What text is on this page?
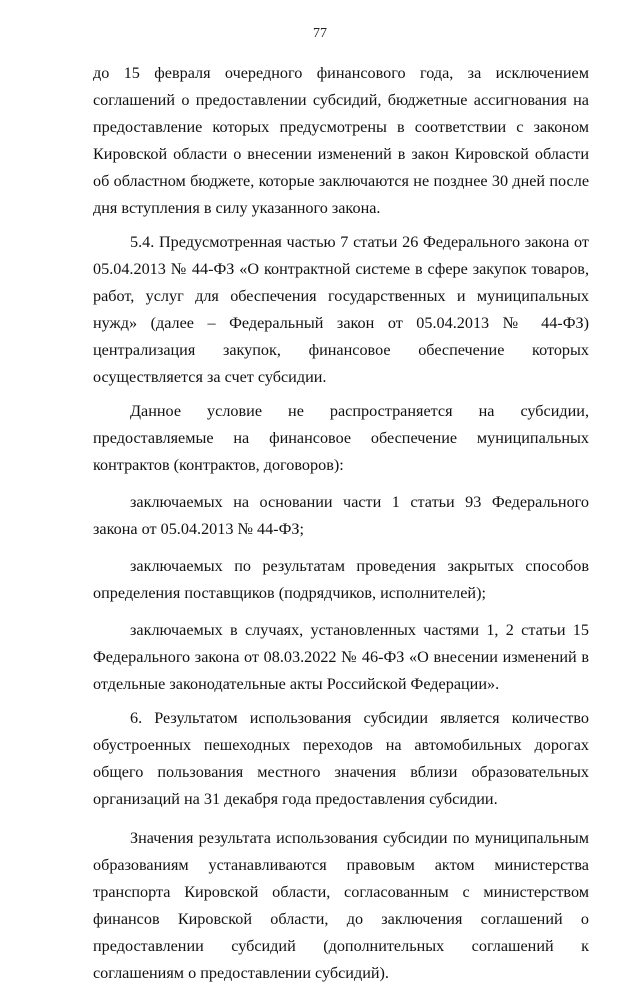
77

до 15 февраля очередного финансового года, за исключением соглашений о предоставлении субсидий, бюджетные ассигнования на предоставление которых предусмотрены в соответствии с законом Кировской области о внесении изменений в закон Кировской области об областном бюджете, которые заключаются не позднее 30 дней после дня вступления в силу указанного закона.

5.4. Предусмотренная частью 7 статьи 26 Федерального закона от 05.04.2013 № 44-ФЗ «О контрактной системе в сфере закупок товаров, работ, услуг для обеспечения государственных и муниципальных нужд» (далее – Федеральный закон от 05.04.2013 № 44-ФЗ) централизация закупок, финансовое обеспечение которых осуществляется за счет субсидии.

Данное условие не распространяется на субсидии, предоставляемые на финансовое обеспечение муниципальных контрактов (контрактов, договоров):

заключаемых на основании части 1 статьи 93 Федерального закона от 05.04.2013 № 44-ФЗ;

заключаемых по результатам проведения закрытых способов определения поставщиков (подрядчиков, исполнителей);

заключаемых в случаях, установленных частями 1, 2 статьи 15 Федерального закона от 08.03.2022 № 46-ФЗ «О внесении изменений в отдельные законодательные акты Российской Федерации».

6. Результатом использования субсидии является количество обустроенных пешеходных переходов на автомобильных дорогах общего пользования местного значения вблизи образовательных организаций на 31 декабря года предоставления субсидии.

Значения результата использования субсидии по муниципальным образованиям устанавливаются правовым актом министерства транспорта Кировской области, согласованным с министерством финансов Кировской области, до заключения соглашений о предоставлении субсидий (дополнительных соглашений к соглашениям о предоставлении субсидий).
